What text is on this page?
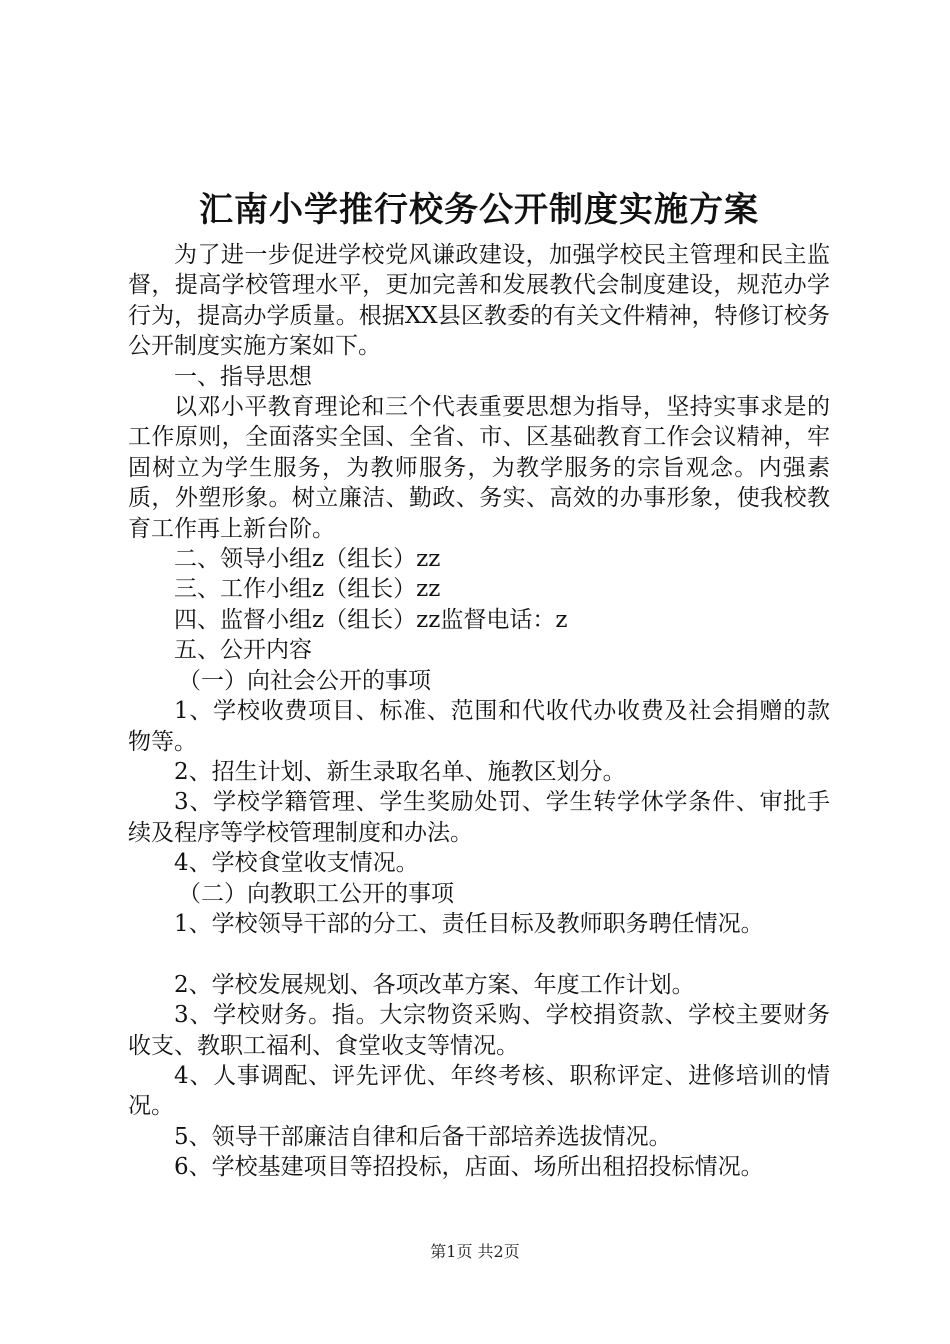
汇南小学推行校务公开制度实施方案

为了进一步促进学校党风谦政建设，加强学校民主管理和民主监督，提高学校管理水平，更加完善和发展教代会制度建设，规范办学行为，提高办学质量。根据XX县区教委的有关文件精神，特修订校务公开制度实施方案如下。

一、指导思想

以邓小平教育理论和三个代表重要思想为指导，坚持实事求是的工作原则，全面落实全国、全省、市、区基础教育工作会议精神，牢固树立为学生服务，为教师服务，为教学服务的宗旨观念。内强素质，外塑形象。树立廉洁、勤政、务实、高效的办事形象，使我校教育工作再上新台阶。

二、领导小组z（组长）zz

三、工作小组z（组长）zz

四、监督小组z（组长）zz监督电话：z

五、公开内容

（一）向社会公开的事项

1、学校收费项目、标准、范围和代收代办收费及社会捐赠的款物等。

2、招生计划、新生录取名单、施教区划分。

3、学校学籍管理、学生奖励处罚、学生转学休学条件、审批手续及程序等学校管理制度和办法。

4、学校食堂收支情况。

（二）向教职工公开的事项

1、学校领导干部的分工、责任目标及教师职务聘任情况。

2、学校发展规划、各项改革方案、年度工作计划。

3、学校财务。指。大宗物资采购、学校捐资款、学校主要财务收支、教职工福利、食堂收支等情况。

4、人事调配、评先评优、年终考核、职称评定、进修培训的情况。

5、领导干部廉洁自律和后备干部培养选拔情况。

6、学校基建项目等招投标，店面、场所出租招投标情况。

第1页 共2页
